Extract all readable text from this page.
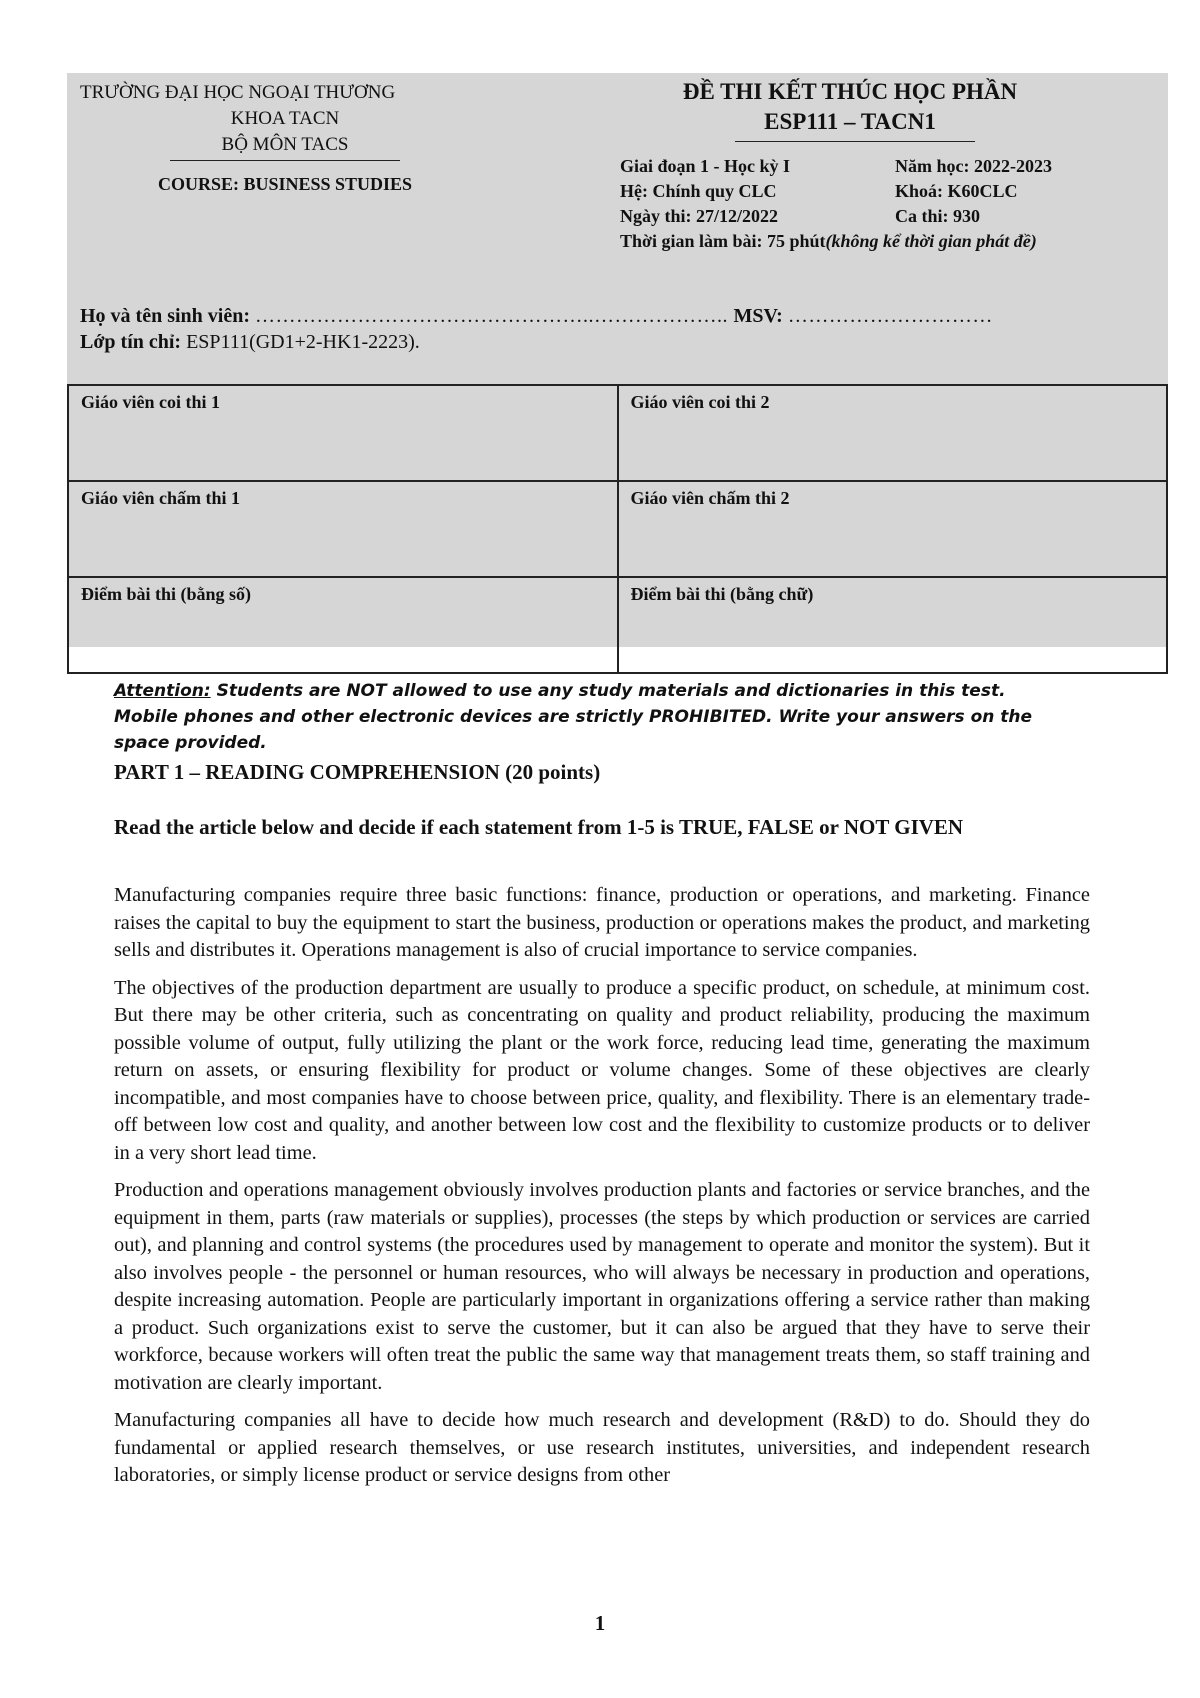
TRƯỜNG ĐẠI HỌC NGOẠI THƯƠNG
KHOA TACN
BỘ MÔN TACS
COURSE: BUSINESS STUDIES
ĐỀ THI KẾT THÚC HỌC PHẦN
ESP111 – TACN1
Giai đoạn 1 - Học kỳ I	Năm học: 2022-2023
Hệ: Chính quy CLC	Khoá: K60CLC
Ngày thi: 27/12/2022	Ca thi: 930
Thời gian làm bài: 75 phút(không kể thời gian phát đề)
Họ và tên sinh viên: …………………………………………..……………….. MSV: …………………………
Lớp tín chỉ: ESP111(GD1+2-HK1-2223).
Giáo viên coi thi 1	Giáo viên coi thi 2
Giáo viên chấm thi 1	Giáo viên chấm thi 2
Điểm bài thi (bằng số)	Điểm bài thi (bằng chữ)
Attention: Students are NOT allowed to use any study materials and dictionaries in this test. Mobile phones and other electronic devices are strictly PROHIBITED. Write your answers on the space provided.
PART 1 – READING COMPREHENSION (20 points)
Read the article below and decide if each statement from 1-5 is TRUE, FALSE or NOT GIVEN

Manufacturing companies require three basic functions: finance, production or operations, and marketing. Finance raises the capital to buy the equipment to start the business, production or operations makes the product, and marketing sells and distributes it. Operations management is also of crucial importance to service companies.

The objectives of the production department are usually to produce a specific product, on schedule, at minimum cost. But there may be other criteria, such as concentrating on quality and product reliability, producing the maximum possible volume of output, fully utilizing the plant or the work force, reducing lead time, generating the maximum return on assets, or ensuring flexibility for product or volume changes. Some of these objectives are clearly incompatible, and most companies have to choose between price, quality, and flexibility. There is an elementary trade-off between low cost and quality, and another between low cost and the flexibility to customize products or to deliver in a very short lead time.

Production and operations management obviously involves production plants and factories or service branches, and the equipment in them, parts (raw materials or supplies), processes (the steps by which production or services are carried out), and planning and control systems (the procedures used by management to operate and monitor the system). But it also involves people - the personnel or human resources, who will always be necessary in production and operations, despite increasing automation. People are particularly important in organizations offering a service rather than making a product. Such organizations exist to serve the customer, but it can also be argued that they have to serve their workforce, because workers will often treat the public the same way that management treats them, so staff training and motivation are clearly important.

Manufacturing companies all have to decide how much research and development (R&D) to do. Should they do fundamental or applied research themselves, or use research institutes, universities, and independent research laboratories, or simply license product or service designs from other

1
